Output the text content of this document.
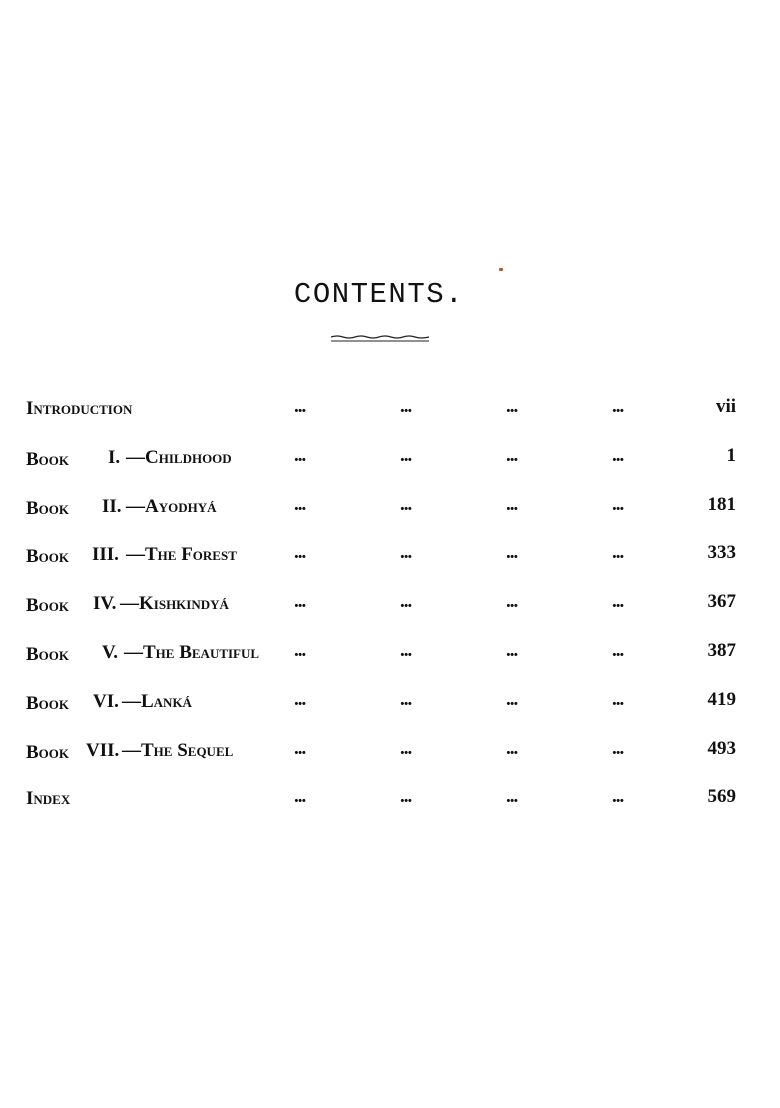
CONTENTS.
Introduction	...	...	...	...	vii
Book I. —Childhood	...	...	...	...	1
Book II. —Ayodhyá	...	...	...	...	181
Book III. —The Forest	...	...	...	...	333
Book IV. —Kishkindyá	...	...	...	...	367
Book V. —The Beautiful ...	...	...	...	387
Book VI. —Lanká	...	...	...	...	419
Book VII. —The Sequel	...	...	...	...	493
Index	...	...	...	...	569
